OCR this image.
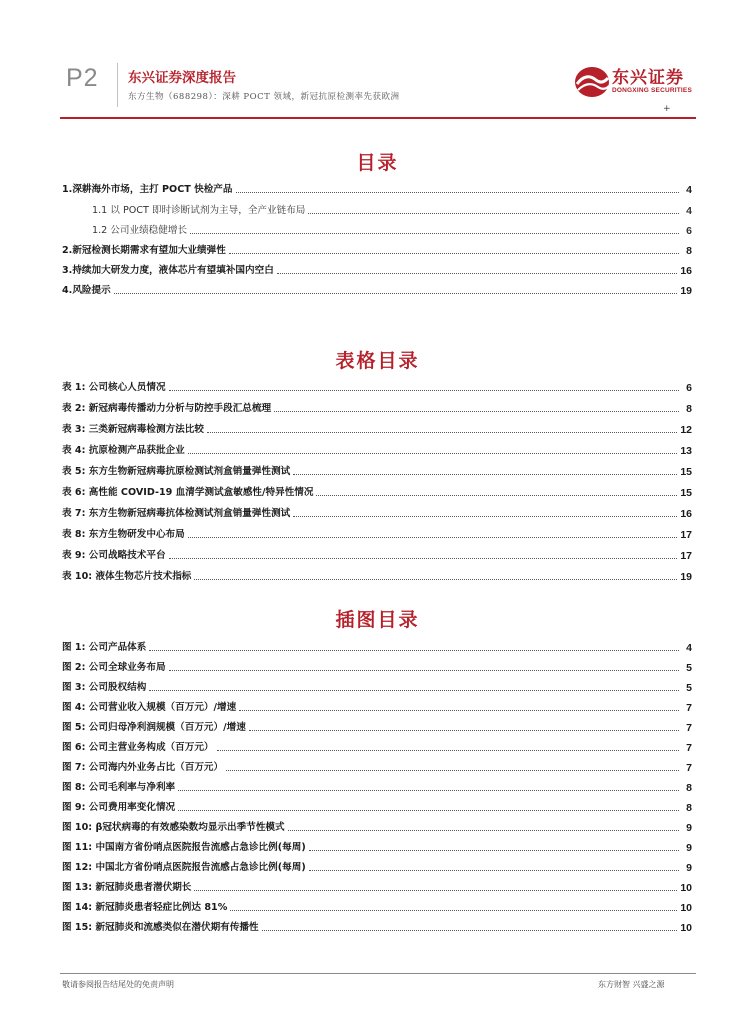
P2 东兴证券深度报告
东方生物（688298）：深耕 POCT 领域，新冠抗原检测率先获欧洲
东兴证券
DONGXING SECURITIES
+
目录
1.深耕海外市场，主打 POCT 快检产品	4
1.1 以 POCT 即时诊断试剂为主导，全产业链布局	4
1.2 公司业绩稳健增长	6
2.新冠检测长期需求有望加大业绩弹性	8
3.持续加大研发力度，液体芯片有望填补国内空白	16
4.风险提示	19
表格目录
表 1: 公司核心人员情况	6
表 2: 新冠病毒传播动力分析与防控手段汇总梳理	8
表 3: 三类新冠病毒检测方法比较	12
表 4: 抗原检测产品获批企业	13
表 5: 东方生物新冠病毒抗原检测试剂盒销量弹性测试	15
表 6: 高性能 COVID-19 血清学测试盒敏感性/特异性情况	15
表 7: 东方生物新冠病毒抗体检测试剂盒销量弹性测试	16
表 8: 东方生物研发中心布局	17
表 9: 公司战略技术平台	17
表 10: 液体生物芯片技术指标	19
插图目录
图 1: 公司产品体系	4
图 2: 公司全球业务布局	5
图 3: 公司股权结构	5
图 4: 公司营业收入规模（百万元）/增速	7
图 5: 公司归母净利润规模（百万元）/增速	7
图 6: 公司主营业务构成（百万元）	7
图 7: 公司海内外业务占比（百万元）	7
图 8: 公司毛利率与净利率	8
图 9: 公司费用率变化情况	8
图 10: β冠状病毒的有效感染数均显示出季节性模式	9
图 11: 中国南方省份哨点医院报告流感占急诊比例(每周)	9
图 12: 中国北方省份哨点医院报告流感占急诊比例(每周)	9
图 13: 新冠肺炎患者潜伏期长	10
图 14: 新冠肺炎患者轻症比例达 81%	10
图 15: 新冠肺炎和流感类似在潜伏期有传播性	10
敬请参阅报告结尾处的免责声明	东方财智 兴盛之源
